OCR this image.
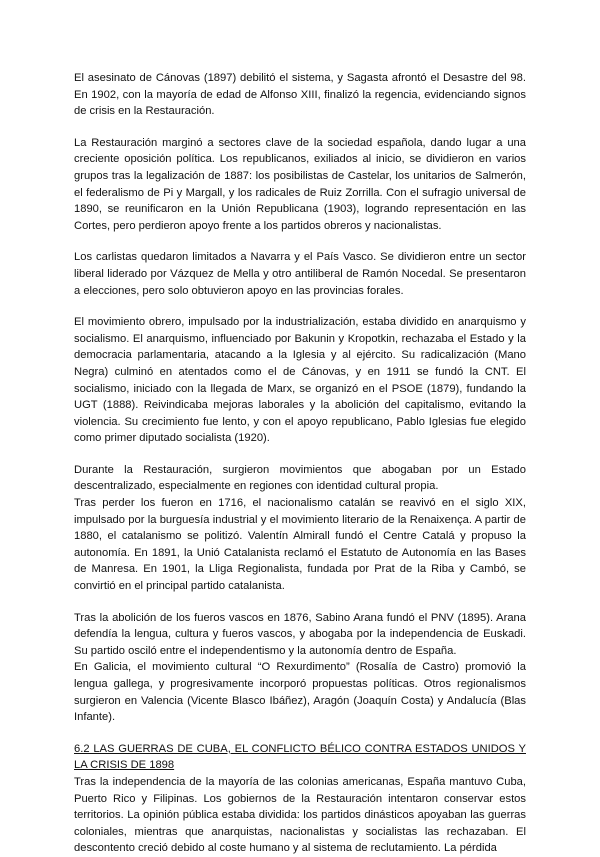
El asesinato de Cánovas (1897) debilitó el sistema, y Sagasta afrontó el Desastre del 98. En 1902, con la mayoría de edad de Alfonso XIII, finalizó la regencia, evidenciando signos de crisis en la Restauración.

La Restauración marginó a sectores clave de la sociedad española, dando lugar a una creciente oposición política. Los republicanos, exiliados al inicio, se dividieron en varios grupos tras la legalización de 1887: los posibilistas de Castelar, los unitarios de Salmerón, el federalismo de Pi y Margall, y los radicales de Ruiz Zorrilla. Con el sufragio universal de 1890, se reunificaron en la Unión Republicana (1903), logrando representación en las Cortes, pero perdieron apoyo frente a los partidos obreros y nacionalistas.

Los carlistas quedaron limitados a Navarra y el País Vasco. Se dividieron entre un sector liberal liderado por Vázquez de Mella y otro antiliberal de Ramón Nocedal. Se presentaron a elecciones, pero solo obtuvieron apoyo en las provincias forales.

El movimiento obrero, impulsado por la industrialización, estaba dividido en anarquismo y socialismo. El anarquismo, influenciado por Bakunin y Kropotkin, rechazaba el Estado y la democracia parlamentaria, atacando a la Iglesia y al ejército. Su radicalización (Mano Negra) culminó en atentados como el de Cánovas, y en 1911 se fundó la CNT. El socialismo, iniciado con la llegada de Marx, se organizó en el PSOE (1879), fundando la UGT (1888). Reivindicaba mejoras laborales y la abolición del capitalismo, evitando la violencia. Su crecimiento fue lento, y con el apoyo republicano, Pablo Iglesias fue elegido como primer diputado socialista (1920).

Durante la Restauración, surgieron movimientos que abogaban por un Estado descentralizado, especialmente en regiones con identidad cultural propia.

Tras perder los fueron en 1716, el nacionalismo catalán se reavivó en el siglo XIX, impulsado por la burguesía industrial y el movimiento literario de la Renaixença. A partir de 1880, el catalanismo se politizó. Valentín Almirall fundó el Centre Catalá y propuso la autonomía. En 1891, la Unió Catalanista reclamó el Estatuto de Autonomía en las Bases de Manresa. En 1901, la Lliga Regionalista, fundada por Prat de la Riba y Cambó, se convirtió en el principal partido catalanista.

Tras la abolición de los fueros vascos en 1876, Sabino Arana fundó el PNV (1895). Arana defendía la lengua, cultura y fueros vascos, y abogaba por la independencia de Euskadi. Su partido osciló entre el independentismo y la autonomía dentro de España.

En Galicia, el movimiento cultural “O Rexurdimento” (Rosalía de Castro) promovió la lengua gallega, y progresivamente incorporó propuestas políticas. Otros regionalismos surgieron en Valencia (Vicente Blasco Ibáñez), Aragón (Joaquín Costa) y Andalucía (Blas Infante).

6.2 LAS GUERRAS DE CUBA, EL CONFLICTO BÉLICO CONTRA ESTADOS UNIDOS Y LA CRISIS DE 1898

Tras la independencia de la mayoría de las colonias americanas, España mantuvo Cuba, Puerto Rico y Filipinas. Los gobiernos de la Restauración intentaron conservar estos territorios. La opinión pública estaba dividida: los partidos dinásticos apoyaban las guerras coloniales, mientras que anarquistas, nacionalistas y socialistas las rechazaban. El descontento creció debido al coste humano y al sistema de reclutamiento. La pérdida
